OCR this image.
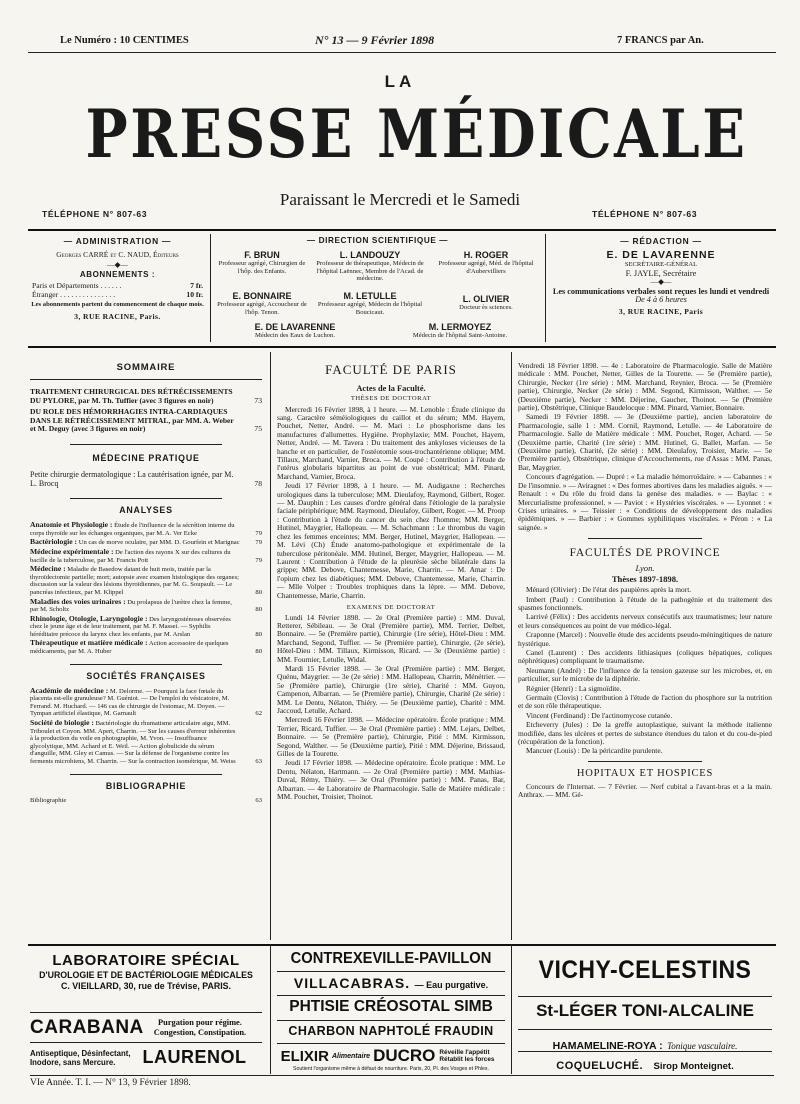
Le Numéro : 10 CENTIMES	N° 13 — 9 Février 1898	7 FRANCS par An.
LA
PRESSE MÉDICALE
Paraissant le Mercredi et le Samedi
TÉLÉPHONE N° 807-63	TÉLÉPHONE N° 807-63
— ADMINISTRATION —
Georges CARRÉ et C. NAUD, Éditeurs
—◆—
ABONNEMENTS :
Paris et Départements . . . . . .	7 fr.
Étranger . . . . . . . . . . . . . . .	10 fr.
Les abonnements partent du commencement de chaque mois.
3, RUE RACINE, Paris.
— DIRECTION SCIENTIFIQUE —
F. BRUN
Professeur agrégé, Chirurgien de l'hôp. des Enfants.
L. LANDOUZY
Professeur de thérapeutique, Médecin de l'hôpital Laënnec, Membre de l'Acad. de médecine.
H. ROGER
Professeur agrégé, Méd. de l'hôpital d'Aubervilliers
E. BONNAIRE
Professeur agrégé, Accoucheur de l'hôp. Tenon.
M. LETULLE
Professeur agrégé, Médecin de l'hôpital Boucicaut.
L. OLIVIER
Docteur ès sciences.
E. DE LAVARENNE
Médecin des Eaux de Luchon.
M. LERMOYEZ
Médecin de l'hôpital Saint-Antoine.
— RÉDACTION —
E. DE LAVARENNE
SECRÉTAIRE-GÉNÉRAL
F. JAYLE, Secrétaire
—◆—
Les communications verbales sont reçues les lundi et vendredi
De 4 à 6 heures
3, RUE RACINE, Paris
SOMMAIRE
TRAITEMENT CHIRURGICAL DES RÉTRÉCISSEMENTS DU PYLORE, par M. Th. Tuffier (avec 3 figures en noir)	73
DU ROLE DES HÉMORRHAGIES INTRA-CARDIAQUES DANS LE RÉTRÉCISSEMENT MITRAL, par MM. A. Weber et M. Deguy (avec 3 figures en noir)	75
MÉDECINE PRATIQUE
Petite chirurgie dermatologique : La cautérisation ignée, par M. L. Brocq	78
ANALYSES
Anatomie et Physiologie : Étude de l'influence de la sécrétion interne du corps thyroïde sur les échanges organiques, par M. A. Ver Ecke	79
Bactériologie : Un cas de morve oculaire, par MM. D. Gourfein et Marignac	79
Médecine expérimentale : De l'action des rayons X sur des cultures du bacille de la tuberculose, par M. Francis Pott	79
Médecine : Maladie de Basedow datant de huit mois, traitée par la thyroïdectomie partielle; mort; autopsie avec examen histologique des organes; discussion sur la valeur des lésions thyroïdiennes, par M. G. Soupault. — Le pancréas infectieux, par M. Klippel	80
Maladies des voies urinaires : Du prolapsus de l'urètre chez la femme, par M. Scholtz	80
Rhinologie, Otologie, Laryngologie : Des laryngosténoses observées chez le jeune âge et de leur traitement, par M. F. Massei. — Syphilis héréditaire précoce du larynx chez les enfants, par M. Arslan	80
Thérapeutique et matière médicale : Action accessoire de quelques médicaments, par M. A. Huber	80
SOCIÉTÉS FRANÇAISES
Académie de médecine : M. Delorme. — Pourquoi la face fœtale du placenta est-elle granuleuse? M. Guéniot. — De l'emploi du vésicatoire, M. Ferrand. M. Huchard. — 146 cas de chirurgie de l'estomac, M. Doyen. — Tympan artificiel élastique, M. Garnault	62
Société de biologie : Bactériologie du rhumatisme articulaire aigu, MM. Triboulet et Coyon. MM. Apert, Charrin. — Sur les causes d'erreur inhérentes à la production du voile en photographie, M. Yvon. — Insuffisance glycolytique, MM. Achard et E. Weil. — Action globulicide du sérum d'anguille, MM. Gley et Camus. — Sur la défense de l'organisme contre les ferments microbiens, M. Charrin. — Sur la contraction isométrique, M. Weiss	63
BIBLIOGRAPHIE
Bibliographie	63
FACULTÉ DE PARIS
Actes de la Faculté.
THÈSES DE DOCTORAT

Mercredi 16 Février 1898, à 1 heure. — M. Lenoble : Étude clinique du sang. Caractère séméiologiques du caillot et du sérum; MM. Hayem, Pouchet, Netter, André. — M. Mari : Le phosphorisme dans les manufactures d'allumettes. Hygiène. Prophylaxie; MM. Pouchet, Hayem, Netter, André. — M. Tavera : Du traitement des ankyloses vicieuses de la hanche et en particulier, de l'ostéotomie sous-trochantérienne oblique; MM. Tillaux, Marchand, Varnier, Broca. — M. Coupé : Contribution à l'étude de l'utérus globularis bipartitus au point de vue obstétrical; MM. Pinard, Marchand, Varnier, Broca.

Jeudi 17 Février 1898, à 1 heure. — M. Audigaxne : Recherches urologiques dans la tuberculose; MM. Dieulafoy, Raymond, Gilbert, Roger. — M. Dauphin : Les causes d'ordre général dans l'étiologie de la paralysie faciale périphérique; MM. Raymond, Dieulafoy, Gilbert, Roger. — M. Proop : Contribution à l'étude du cancer du sein chez l'homme; MM. Berger, Hutinel, Maygrier, Hallopeau. — M. Schachmann : Le thrombus du vagin chez les femmes enceintes; MM. Berger, Hutinel, Maygrier, Hallopeau. — M. Lévi (Ch) Étude anatomo-pathologique et expérimentale de la tuberculose péritonéale. MM. Hutinel, Berger, Maygrier, Hallopeau. — M. Laurent : Contribution à l'étude de la pleurésie sèche bilatérale dans la grippe; MM. Debove, Chantemesse, Marie, Charrin. — M. Amar : De l'opium chez les diabétiques; MM. Debove, Chantemesse, Marie, Charrin. — Mlle Volper : Troubles trophiques dans la lèpre. — MM. Debove, Chantemesse, Marie, Charrin.

EXAMENS DE DOCTORAT

Lundi 14 Février 1898. — 2e Oral (Première partie) : MM. Duval, Retterer, Sébileau. — 3e Oral (Première partie), MM. Terrier, Delbet, Bonnaire. — 5e (Première partie), Chirurgie (1re série), Hôtel-Dieu : MM. Marchand, Segond, Tuffier. — 5e (Première partie), Chirurgie, (2e série), Hôtel-Dieu : MM. Tillaux, Kirmisson, Ricard. — 3e (Deuxième partie) : MM. Fournier, Letulle, Widal.

Mardi 15 Février 1898. — 3e Oral (Première partie) : MM. Berger, Quénu, Maygrier. — 3e (2e série) : MM. Hallopeau, Charrin, Ménétrier. — 5e (Première partie), Chirurgie (1re série), Charité : MM. Guyon, Campenon, Albarran. — 5e (Première partie), Chirurgie, Charité (2e série) : MM. Le Dentu, Nélaton, Thiéry. — 5e (Deuxième partie), Charité : MM. Jaccoud, Letulle, Achard.

Mercredi 16 Février 1898. — Médecine opératoire. École pratique : MM. Terrier, Ricard, Tuffier. — 3e Oral (Première partie) : MM. Lejars, Delbet, Bonnaire. — 5e (Première partie), Chirurgie, Pitié : MM. Kirmisson, Segond, Walther. — 5e (Deuxième partie), Pitié : MM. Déjerine, Brissaud, Gilles de la Tourette.

Jeudi 17 Février 1898. — Médecine opératoire. École pratique : MM. Le Dentu, Nélaton, Hartmann. — 2e Oral (Première partie) : MM. Mathias-Duval, Rémy, Thiéry. — 3e Oral (Première partie) : MM. Panas, Bar, Albarran. — 4e Laboratoire de Pharmacologie. Salle de Matière médicale : MM. Pouchet, Troisier, Thoinot.

Vendredi 18 Février 1898. — 4e : Laboratoire de Pharmacologie. Salle de Matière médicale : MM. Pouchet, Netter, Gilles de la Tourette. — 5e (Première partie), Chirurgie, Necker (1re série) : MM. Marchand, Reynier, Broca. — 5e (Première partie), Chirurgie, Necker (2e série) : MM. Segond, Kirmisson, Walther. — 5e (Deuxième partie), Necker : MM. Déjerine, Gaucher, Thoinot. — 5e (Première partie), Obstétrique, Clinique Baudelocque : MM. Pinard, Varnier, Bonnaire.

Samedi 19 Février 1898. — 3e (Deuxième partie), ancien laboratoire de Pharmacologie, salle 1 : MM. Cornil, Raymond, Letulle. — 4e Laboratoire de Pharmacologie. Salle de Matière médicale : MM. Pouchet, Roger, Achard. — 5e (Deuxième partie, Charité (1re série) : MM. Hutinel, G. Ballet, Marfan. — 5e (Deuxième partie), Charité, (2e série) : MM. Dieulafoy, Troisier, Marie. — 5e (Première partie), Obstétrique, clinique d'Accouchements, rue d'Assas : MM. Panas, Bar, Maygrier.

Concours d'agrégation. — Dupré : « La maladie hémorroïdaire. » — Cabannes : « De l'insomnie. » — Aviragnet : « Des formes abortives dans les maladies aiguës. » — Renault : « Du rôle du froid dans la genèse des maladies. » — Baylac : « Mercurialisme professionnel. » — Paviot : « Hystéries viscérales. » — Lyonnet : « Crises urinaires. » — Teissier : « Conditions de développement des maladies épidémiques. » — Barbier : « Gommes syphilitiques viscérales. » Péron : « La saignée. »

FACULTÉS DE PROVINCE
Lyon.
Thèses 1897-1898.

Ménard (Olivier) : De l'état des paupières après la mort.

Imbert (Paul) : Contribution à l'étude de la pathogénie et du traitement des spasmes fonctionnels.

Larrivé (Félix) : Des accidents nerveux consécutifs aux traumatismes; leur nature et leurs conséquences au point de vue médico-légal.

Craponne (Marcel) : Nouvelle étude des accidents pseudo-méningitiques de nature hystérique.

Canel (Laurent) : Des accidents lithiasiques (coliques hépatiques, coliques néphrétiques) compliquant le traumatisme.

Neumann (André) : De l'influence de la tension gazeuse sur les microbes, et, en particulier, sur le microbe de la diphtérie.

Régnier (Henri) : La sigmoïdite.

Germain (Clovis) : Contribution à l'étude de l'action du phosphore sur la nutrition et de son rôle thérapeutique.

Vincent (Ferdinand) : De l'actinomycose cutanée.

Etcheverry (Jules) : De la greffe autoplastique, suivant la méthode italienne modifiée, dans les ulcères et pertes de substance étendues du talon et du cou-de-pied (récupération de la fonction).

Mancuer (Louis) : De la péricardite purulente.

HOPITAUX ET HOSPICES

Concours de l'Internat. — 7 Février. — Nerf cubital a l'avant-bras et a la main. Anthrax. — MM. Gé-

LABORATOIRE SPÉCIAL
D'UROLOGIE ET DE BACTÉRIOLOGIE MÉDICALES
C. VIEILLARD, 30, rue de Trévise, PARIS.
CARABANA	Purgation pour régime.
Congestion, Constipation.
Antiseptique, Désinfectant,
Inodore, sans Mercure.	LAURENOL
CONTREXEVILLE-PAVILLON
VILLACABRAS. — Eau purgative.
PHTISIE CRÉOSOTAL SIMB
CHARBON NAPHTOLÉ FRAUDIN
ELIXIR Alimentaire DUCRO Réveille l'appétit Rétablit les forces
Soutient l'organisme même à défaut de nourriture. Paris, 20, Pl. des Vosges et Phles.
VICHY-CELESTINS
St-LÉGER TONI-ALCALINE
HAMAMELINE-ROYA : Tonique vasculaire.
COQUELUCHÉ. Sirop Monteignet.
VIe Année. T. I. — N° 13, 9 Février 1898.
